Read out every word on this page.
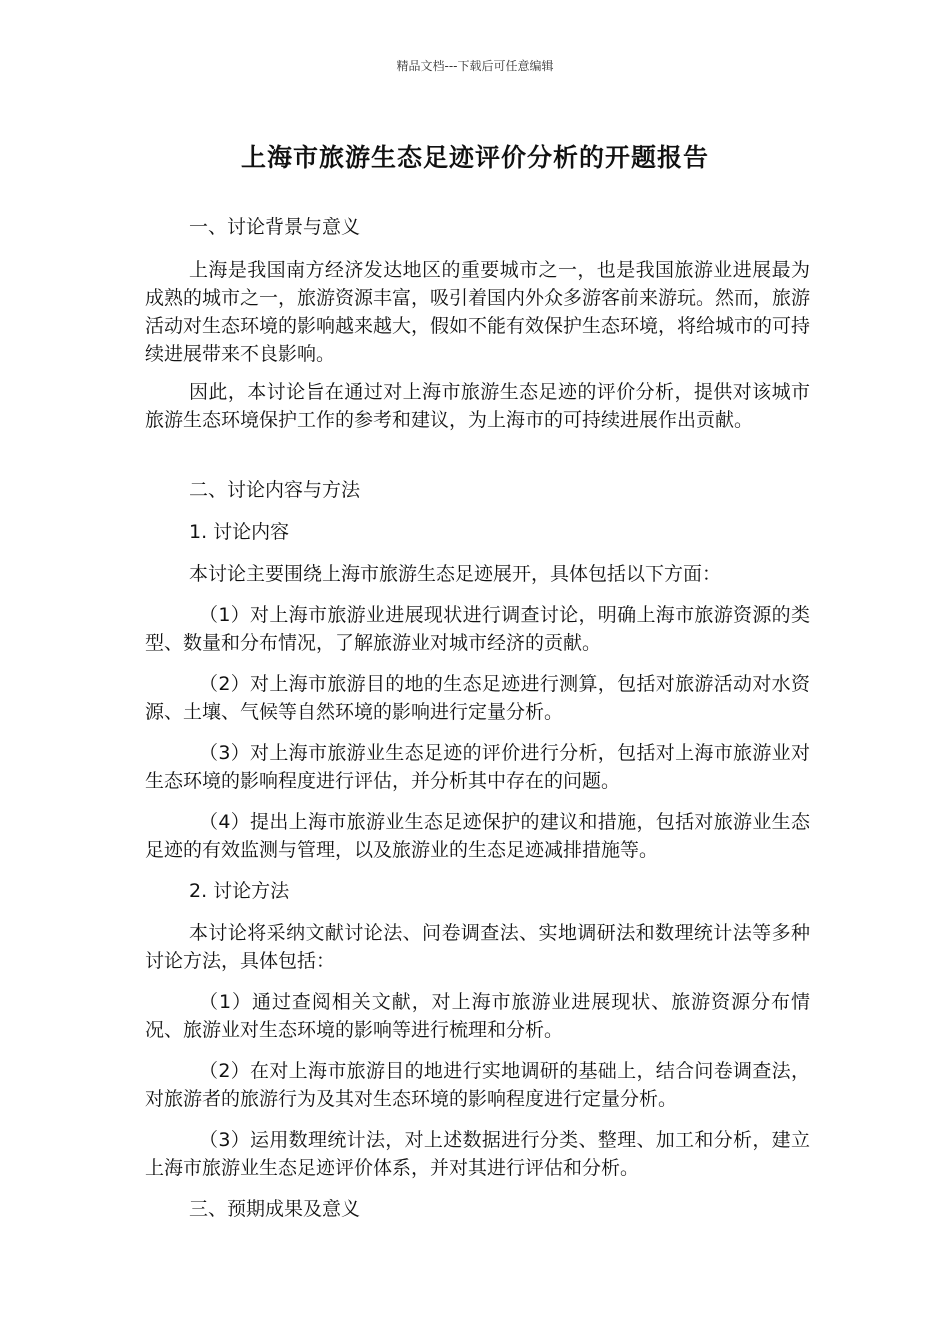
精品文档---下载后可任意编辑
上海市旅游生态足迹评价分析的开题报告

一、讨论背景与意义

上海是我国南方经济发达地区的重要城市之一，也是我国旅游业进展最为成熟的城市之一，旅游资源丰富，吸引着国内外众多游客前来游玩。然而，旅游活动对生态环境的影响越来越大，假如不能有效保护生态环境，将给城市的可持续进展带来不良影响。

因此，本讨论旨在通过对上海市旅游生态足迹的评价分析，提供对该城市旅游生态环境保护工作的参考和建议，为上海市的可持续进展作出贡献。

二、讨论内容与方法

1. 讨论内容

本讨论主要围绕上海市旅游生态足迹展开，具体包括以下方面：

（1）对上海市旅游业进展现状进行调查讨论，明确上海市旅游资源的类型、数量和分布情况，了解旅游业对城市经济的贡献。

（2）对上海市旅游目的地的生态足迹进行测算，包括对旅游活动对水资源、土壤、气候等自然环境的影响进行定量分析。

（3）对上海市旅游业生态足迹的评价进行分析，包括对上海市旅游业对生态环境的影响程度进行评估，并分析其中存在的问题。

（4）提出上海市旅游业生态足迹保护的建议和措施，包括对旅游业生态足迹的有效监测与管理，以及旅游业的生态足迹减排措施等。

2. 讨论方法

本讨论将采纳文献讨论法、问卷调查法、实地调研法和数理统计法等多种讨论方法，具体包括：

（1）通过查阅相关文献，对上海市旅游业进展现状、旅游资源分布情况、旅游业对生态环境的影响等进行梳理和分析。

（2）在对上海市旅游目的地进行实地调研的基础上，结合问卷调查法，对旅游者的旅游行为及其对生态环境的影响程度进行定量分析。

（3）运用数理统计法，对上述数据进行分类、整理、加工和分析，建立上海市旅游业生态足迹评价体系，并对其进行评估和分析。

三、预期成果及意义
